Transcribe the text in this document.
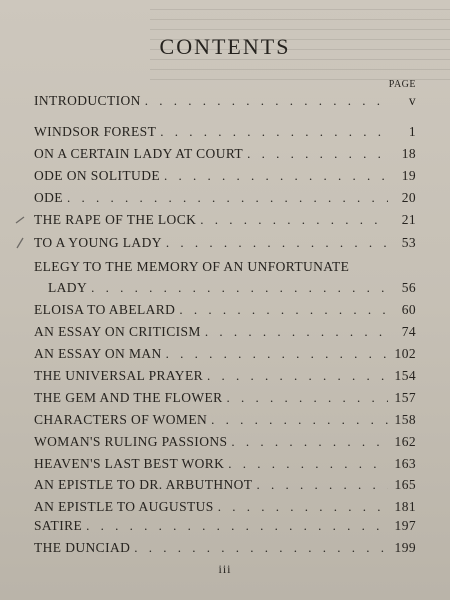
CONTENTS
PAGE
INTRODUCTION . . .	v
WINDSOR FOREST . . .	1
ON A CERTAIN LADY AT COURT . . .	18
ODE ON SOLITUDE . . .	19
ODE . . .	20
THE RAPE OF THE LOCK . . .	21
TO A YOUNG LADY . . .	53
ELEGY TO THE MEMORY OF AN UNFORTUNATE
LADY . . .	56
ELOISA TO ABELARD . . .	60
AN ESSAY ON CRITICISM . . .	74
AN ESSAY ON MAN . . .	102
THE UNIVERSAL PRAYER . . .	154
THE GEM AND THE FLOWER . . .	157
CHARACTERS OF WOMEN . . .	158
WOMAN'S RULING PASSIONS . . .	162
HEAVEN'S LAST BEST WORK . . .	163
AN EPISTLE TO DR. ARBUTHNOT . . .	165
AN EPISTLE TO AUGUSTUS . . .	181
SATIRE . . .	197
THE DUNCIAD . . .	199
iii
